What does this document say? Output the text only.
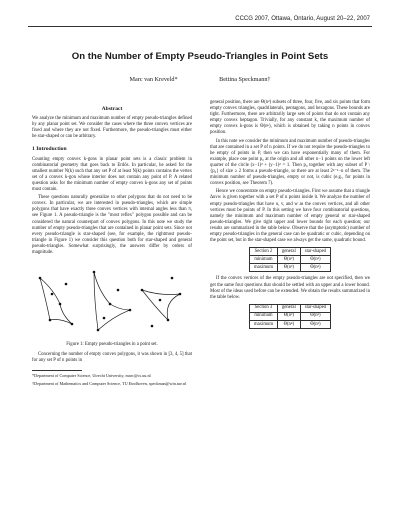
CCCG 2007, Ottawa, Ontario, August 20–22, 2007
On the Number of Empty Pseudo-Triangles in Point Sets
Marc van Kreveld*	Bettina Speckmann†
Abstract

We analyze the minimum and maximum number of empty pseudo-triangles defined by any planar point set. We consider the cases where the three convex vertices are fixed and where they are not fixed. Furthermore, the pseudo-triangles must either be star-shaped or can be arbitrary.

1 Introduction

Counting empty convex k-gons in planar point sets is a classic problem in combinatorial geometry that goes back to Erdős. In particular, he asked for the smallest number N(k) such that any set P of at least N(k) points contains the vertex set of a convex k-gon whose interior does not contain any point of P. A related question asks for the minimum number of empty convex k-gons any set of points must contain.

These questions naturally generalize to other polygons that do not need to be convex. In particular, we are interested in pseudo-triangles, which are simple polygons that have exactly three convex vertices with internal angles less than π, see Figure 1. A pseudo-triangle is the "most reflex" polygon possible and can be considered the natural counterpart of convex polygons. In this note we study the number of empty pseudo-triangles that are contained in planar point sets. Since not every pseudo-triangle is star-shaped (see, for example, the rightmost pseudo-triangle in Figure 1) we consider this question both for star-shaped and general pseudo-triangles. Somewhat surprisingly, the answers differ by orders of magnitude.

Figure 1: Empty pseudo-triangles in a point set.

Concerning the number of empty convex polygons, it was shown in [3, 4, 5] that for any set P of n points in

*Department of Computer Science, Utrecht University, marc@cs.uu.nl

†Department of Mathematics and Computer Science, TU Eindhoven, speckman@win.tue.nl

general position, there are Θ(n²) subsets of three, four, five, and six points that form empty convex triangles, quadrilaterals, pentagons, and hexagons. These bounds are tight. Furthermore, there are arbitrarily large sets of points that do not contain any empty convex heptagon. Trivially, for any constant k, the maximum number of empty convex k-gons is Θ(nᵏ), which is obtained by taking n points in convex position.

In this note we consider the minimum and maximum number of pseudo-triangles that are contained in a set P of n points. If we do not require the pseudo-triangles to be empty of points in P, then we can have exponentially many of them. For example, place one point p₀ at the origin and all other n−1 points on the lower left quarter of the circle (x−1)² + (y−1)² = 1. Then p₀ together with any subset of P \ {p₀} of size ≥ 2 forms a pseudo-triangle, so there are at least 2ⁿ⁻¹−n of them. The minimum number of pseudo-triangles, empty or not, is cubic (e.g., for points in convex position, see Theorem 7).

Hence we concentrate on empty pseudo-triangles. First we assume that a triangle Δuvw is given together with a set P of n points inside it. We analyze the number of empty pseudo-triangles that have u, v, and w as the convex vertices, and all other vertices must be points of P. In this setting we have four combinatorial questions, namely the minimum and maximum number of empty general or star-shaped pseudo-triangles. We give tight upper and lower bounds for each question; our results are summarized in the table below. Observe that the (asymptotic) number of empty pseudo-triangles in the general case can be quadratic or cubic, depending on the point set, but in the star-shaped case we always get the same, quadratic bound.

Section 2	general	star-shaped
minimum	Θ(n²)	Θ(n²)
maximum	Θ(n³)	Θ(n²)

If the convex vertices of the empty pseudo-triangles are not specified, then we get the same four questions that should be settled with an upper and a lower bound. Most of the ideas used before can be extended. We obtain the results summarized in the table below.

Section 3	general	star-shaped
minimum	Θ(n³)	Θ(n³)
maximum	Θ(n⁴)	Θ(n³)
